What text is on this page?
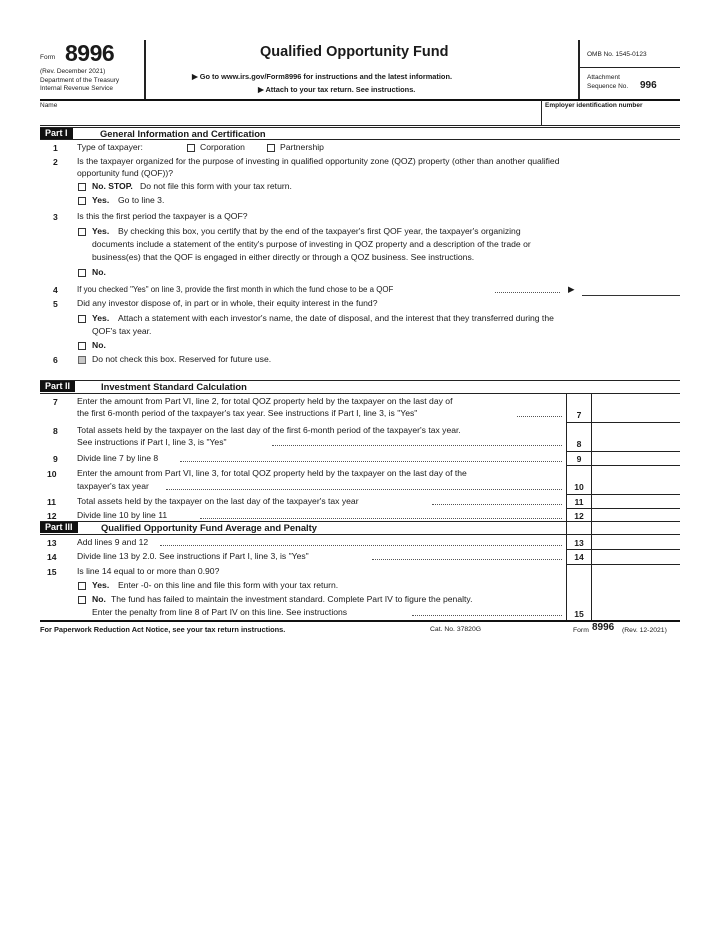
Form 8996
(Rev. December 2021)
Department of the Treasury
Internal Revenue Service
Qualified Opportunity Fund
▶ Go to www.irs.gov/Form8996 for instructions and the latest information.
▶ Attach to your tax return. See instructions.
OMB No. 1545-0123
Attachment
Sequence No. 996
Name	Employer identification number
Part I	General Information and Certification
1 Type of taxpayer:	Corporation	Partnership
2 Is the taxpayer organized for the purpose of investing in qualified opportunity zone (QOZ) property (other than another qualified
opportunity fund (QOF))?
No. STOP. Do not file this form with your tax return.
Yes. Go to line 3.
3 Is this the first period the taxpayer is a QOF?
Yes. By checking this box, you certify that by the end of the taxpayer's first QOF year, the taxpayer's organizing
documents include a statement of the entity's purpose of investing in QOZ property and a description of the trade or
business(es) that the QOF is engaged in either directly or through a QOZ business. See instructions.
No.
4 If you checked "Yes" on line 3, provide the first month in which the fund chose to be a QOF	▶
5 Did any investor dispose of, in part or in whole, their equity interest in the fund?
Yes. Attach a statement with each investor's name, the date of disposal, and the interest that they transferred during the
QOF's tax year.
No.
6	Do not check this box. Reserved for future use.
Part II	Investment Standard Calculation
7 Enter the amount from Part VI, line 2, for total QOZ property held by the taxpayer on the last day of
the first 6-month period of the taxpayer's tax year. See instructions if Part I, line 3, is "Yes"	7
8 Total assets held by the taxpayer on the last day of the first 6-month period of the taxpayer's tax year.
See instructions if Part I, line 3, is "Yes"	8
9 Divide line 7 by line 8	9
10 Enter the amount from Part VI, line 3, for total QOZ property held by the taxpayer on the last day of the
taxpayer's tax year	10
11 Total assets held by the taxpayer on the last day of the taxpayer's tax year	11
12 Divide line 10 by line 11	12
Part III	Qualified Opportunity Fund Average and Penalty
13 Add lines 9 and 12	13
14 Divide line 13 by 2.0. See instructions if Part I, line 3, is "Yes"	14
15 Is line 14 equal to or more than 0.90?
Yes. Enter -0- on this line and file this form with your tax return.
No. The fund has failed to maintain the investment standard. Complete Part IV to figure the penalty.
Enter the penalty from line 8 of Part IV on this line. See instructions	15
For Paperwork Reduction Act Notice, see your tax return instructions.	Cat. No. 37820G	Form 8996 (Rev. 12-2021)
